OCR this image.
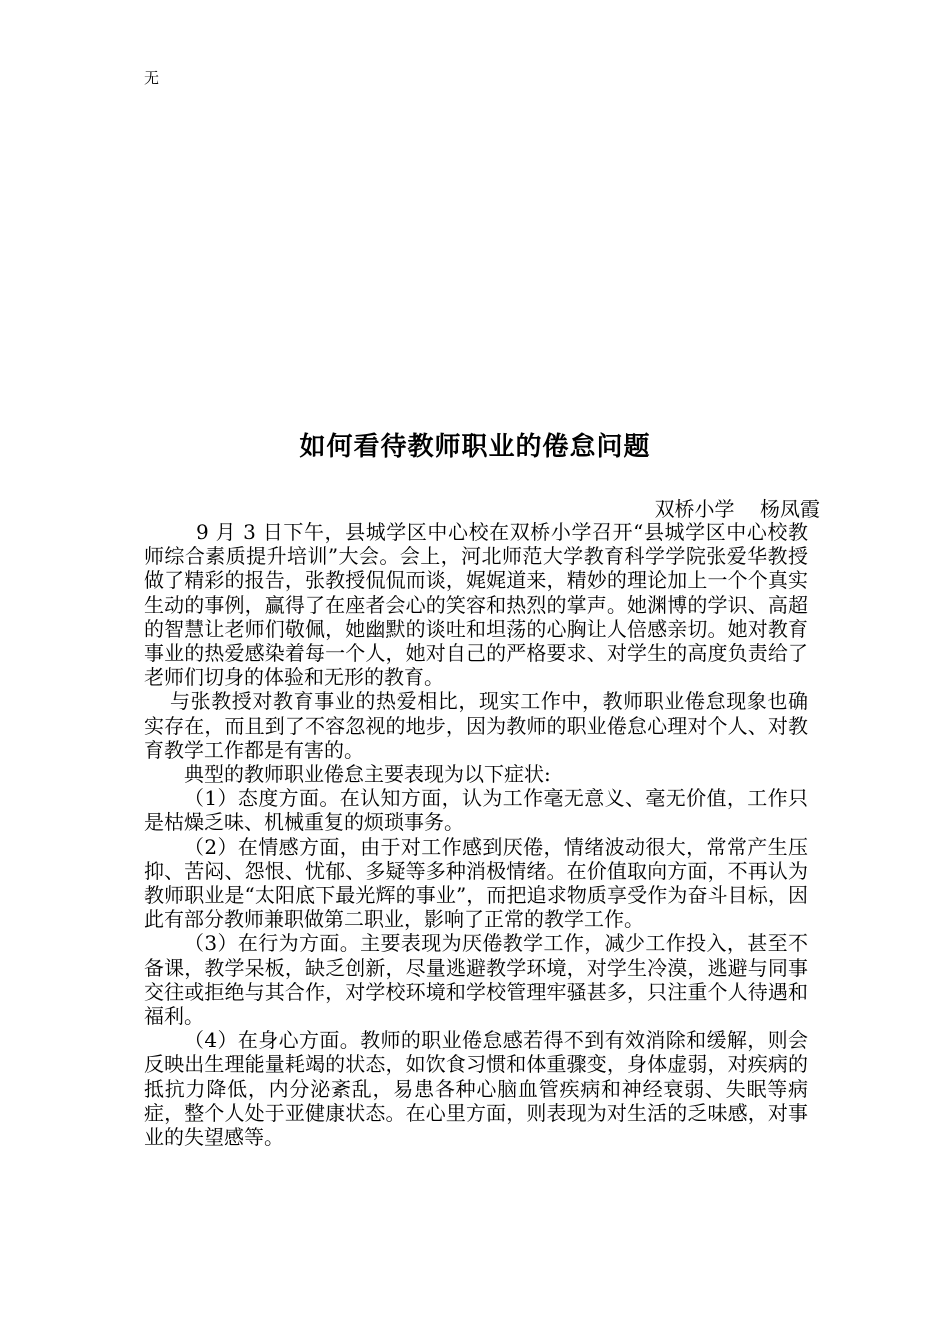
无
如何看待教师职业的倦怠问题
双桥小学    杨凤霞

9 月 3 日下午，县城学区中心校在双桥小学召开“县城学区中心校教师综合素质提升培训”大会。会上，河北师范大学教育科学学院张爱华教授做了精彩的报告，张教授侃侃而谈，娓娓道来，精妙的理论加上一个个真实生动的事例，赢得了在座者会心的笑容和热烈的掌声。她渊博的学识、高超的智慧让老师们敬佩，她幽默的谈吐和坦荡的心胸让人倍感亲切。她对教育事业的热爱感染着每一个人，她对自己的严格要求、对学生的高度负责给了老师们切身的体验和无形的教育。

与张教授对教育事业的热爱相比，现实工作中，教师职业倦怠现象也确实存在，而且到了不容忽视的地步，因为教师的职业倦怠心理对个人、对教育教学工作都是有害的。

典型的教师职业倦怠主要表现为以下症状:

（1）态度方面。在认知方面，认为工作毫无意义、毫无价值，工作只是枯燥乏味、机械重复的烦琐事务。

（2）在情感方面，由于对工作感到厌倦，情绪波动很大，常常产生压抑、苦闷、怨恨、忧郁、多疑等多种消极情绪。在价值取向方面，不再认为教师职业是“太阳底下最光辉的事业”，而把追求物质享受作为奋斗目标，因此有部分教师兼职做第二职业，影响了正常的教学工作。

（3）在行为方面。主要表现为厌倦教学工作，减少工作投入，甚至不备课，教学呆板，缺乏创新，尽量逃避教学环境，对学生冷漠，逃避与同事交往或拒绝与其合作，对学校环境和学校管理牢骚甚多，只注重个人待遇和福利。

（4）在身心方面。教师的职业倦怠感若得不到有效消除和缓解，则会反映出生理能量耗竭的状态，如饮食习惯和体重骤变，身体虚弱，对疾病的抵抗力降低，内分泌紊乱，易患各种心脑血管疾病和神经衰弱、失眠等病症，整个人处于亚健康状态。在心里方面，则表现为对生活的乏味感，对事业的失望感等。
